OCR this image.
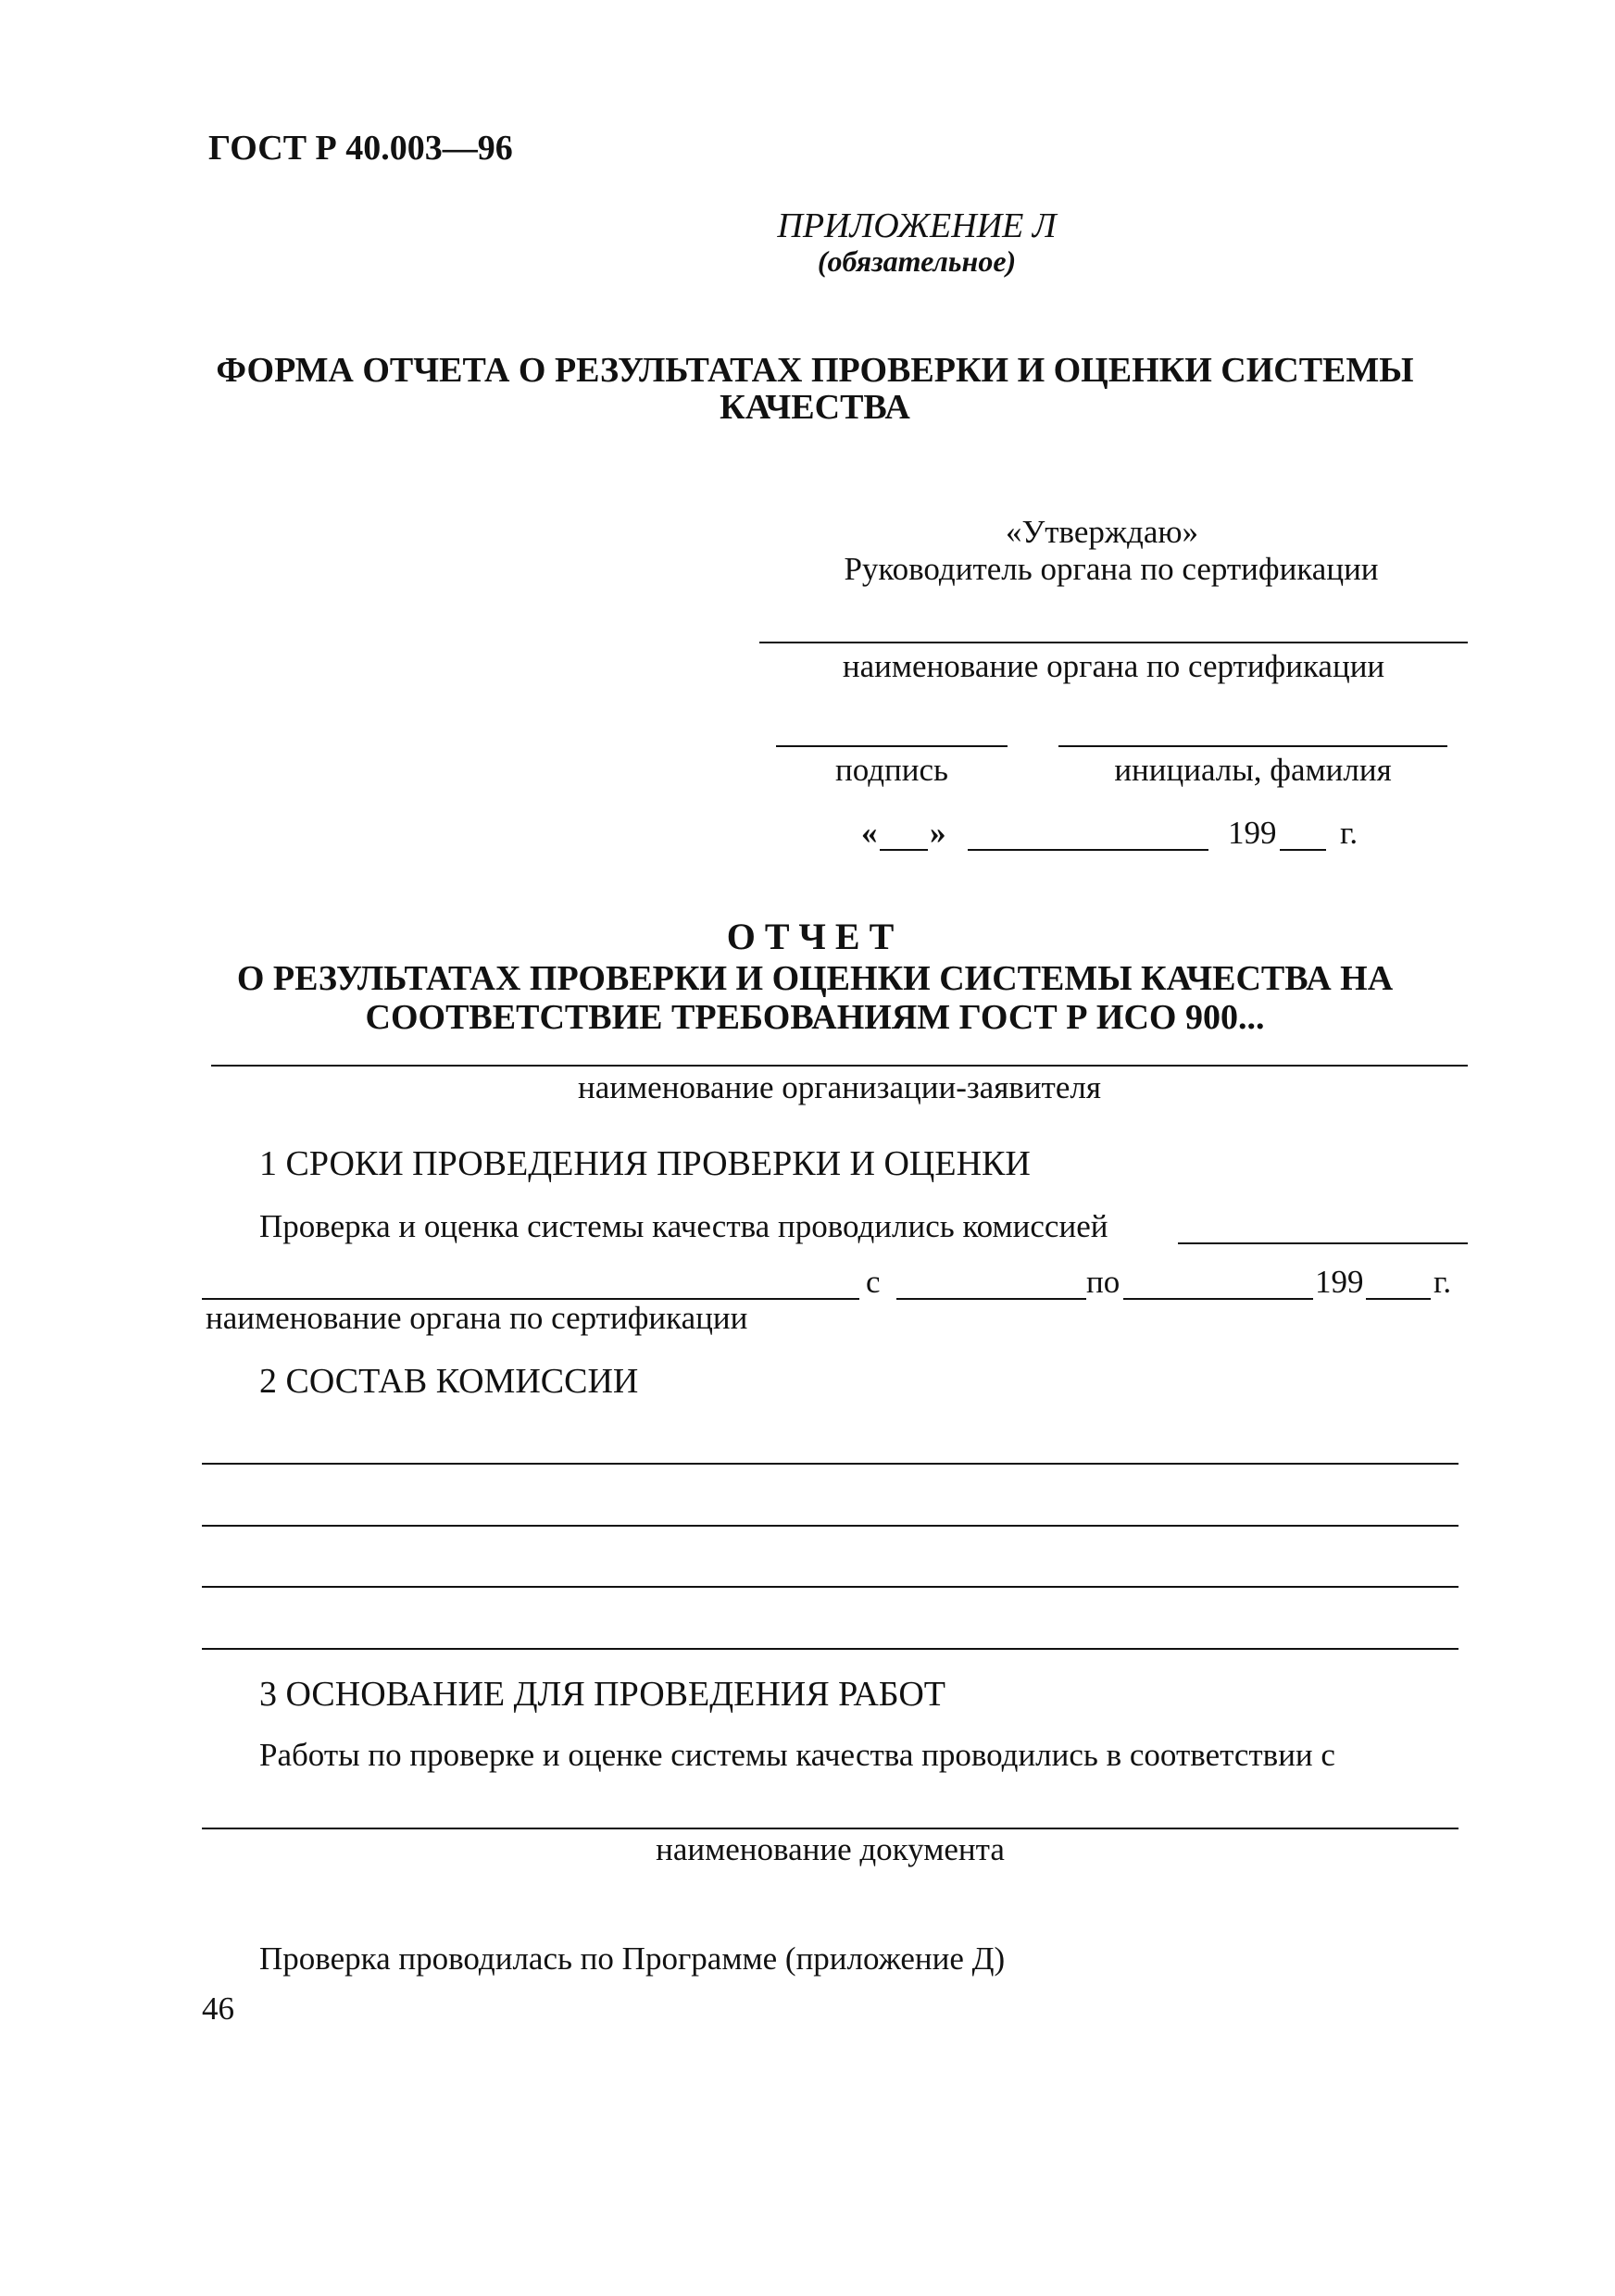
ГОСТ Р 40.003—96
ПРИЛОЖЕНИЕ Л
(обязательное)
ФОРМА ОТЧЕТА О РЕЗУЛЬТАТАХ ПРОВЕРКИ И ОЦЕНКИ СИСТЕМЫ
КАЧЕСТВА
«Утверждаю»
Руководитель органа по сертификации
наименование органа по сертификации
подпись	инициалы, фамилия
« »	199 г.
ОТЧЕТ
О РЕЗУЛЬТАТАХ ПРОВЕРКИ И ОЦЕНКИ СИСТЕМЫ КАЧЕСТВА НА
СООТВЕТСТВИЕ ТРЕБОВАНИЯМ ГОСТ Р ИСО 900...
наименование организации-заявителя
1 СРОКИ ПРОВЕДЕНИЯ ПРОВЕРКИ И ОЦЕНКИ
Проверка и оценка системы качества проводились комиссией
с	по	199 г.
наименование органа по сертификации
2 СОСТАВ КОМИССИИ
3 ОСНОВАНИЕ ДЛЯ ПРОВЕДЕНИЯ РАБОТ
Работы по проверке и оценке системы качества проводились в соответствии с
наименование документа
Проверка проводилась по Программе (приложение Д)
46
